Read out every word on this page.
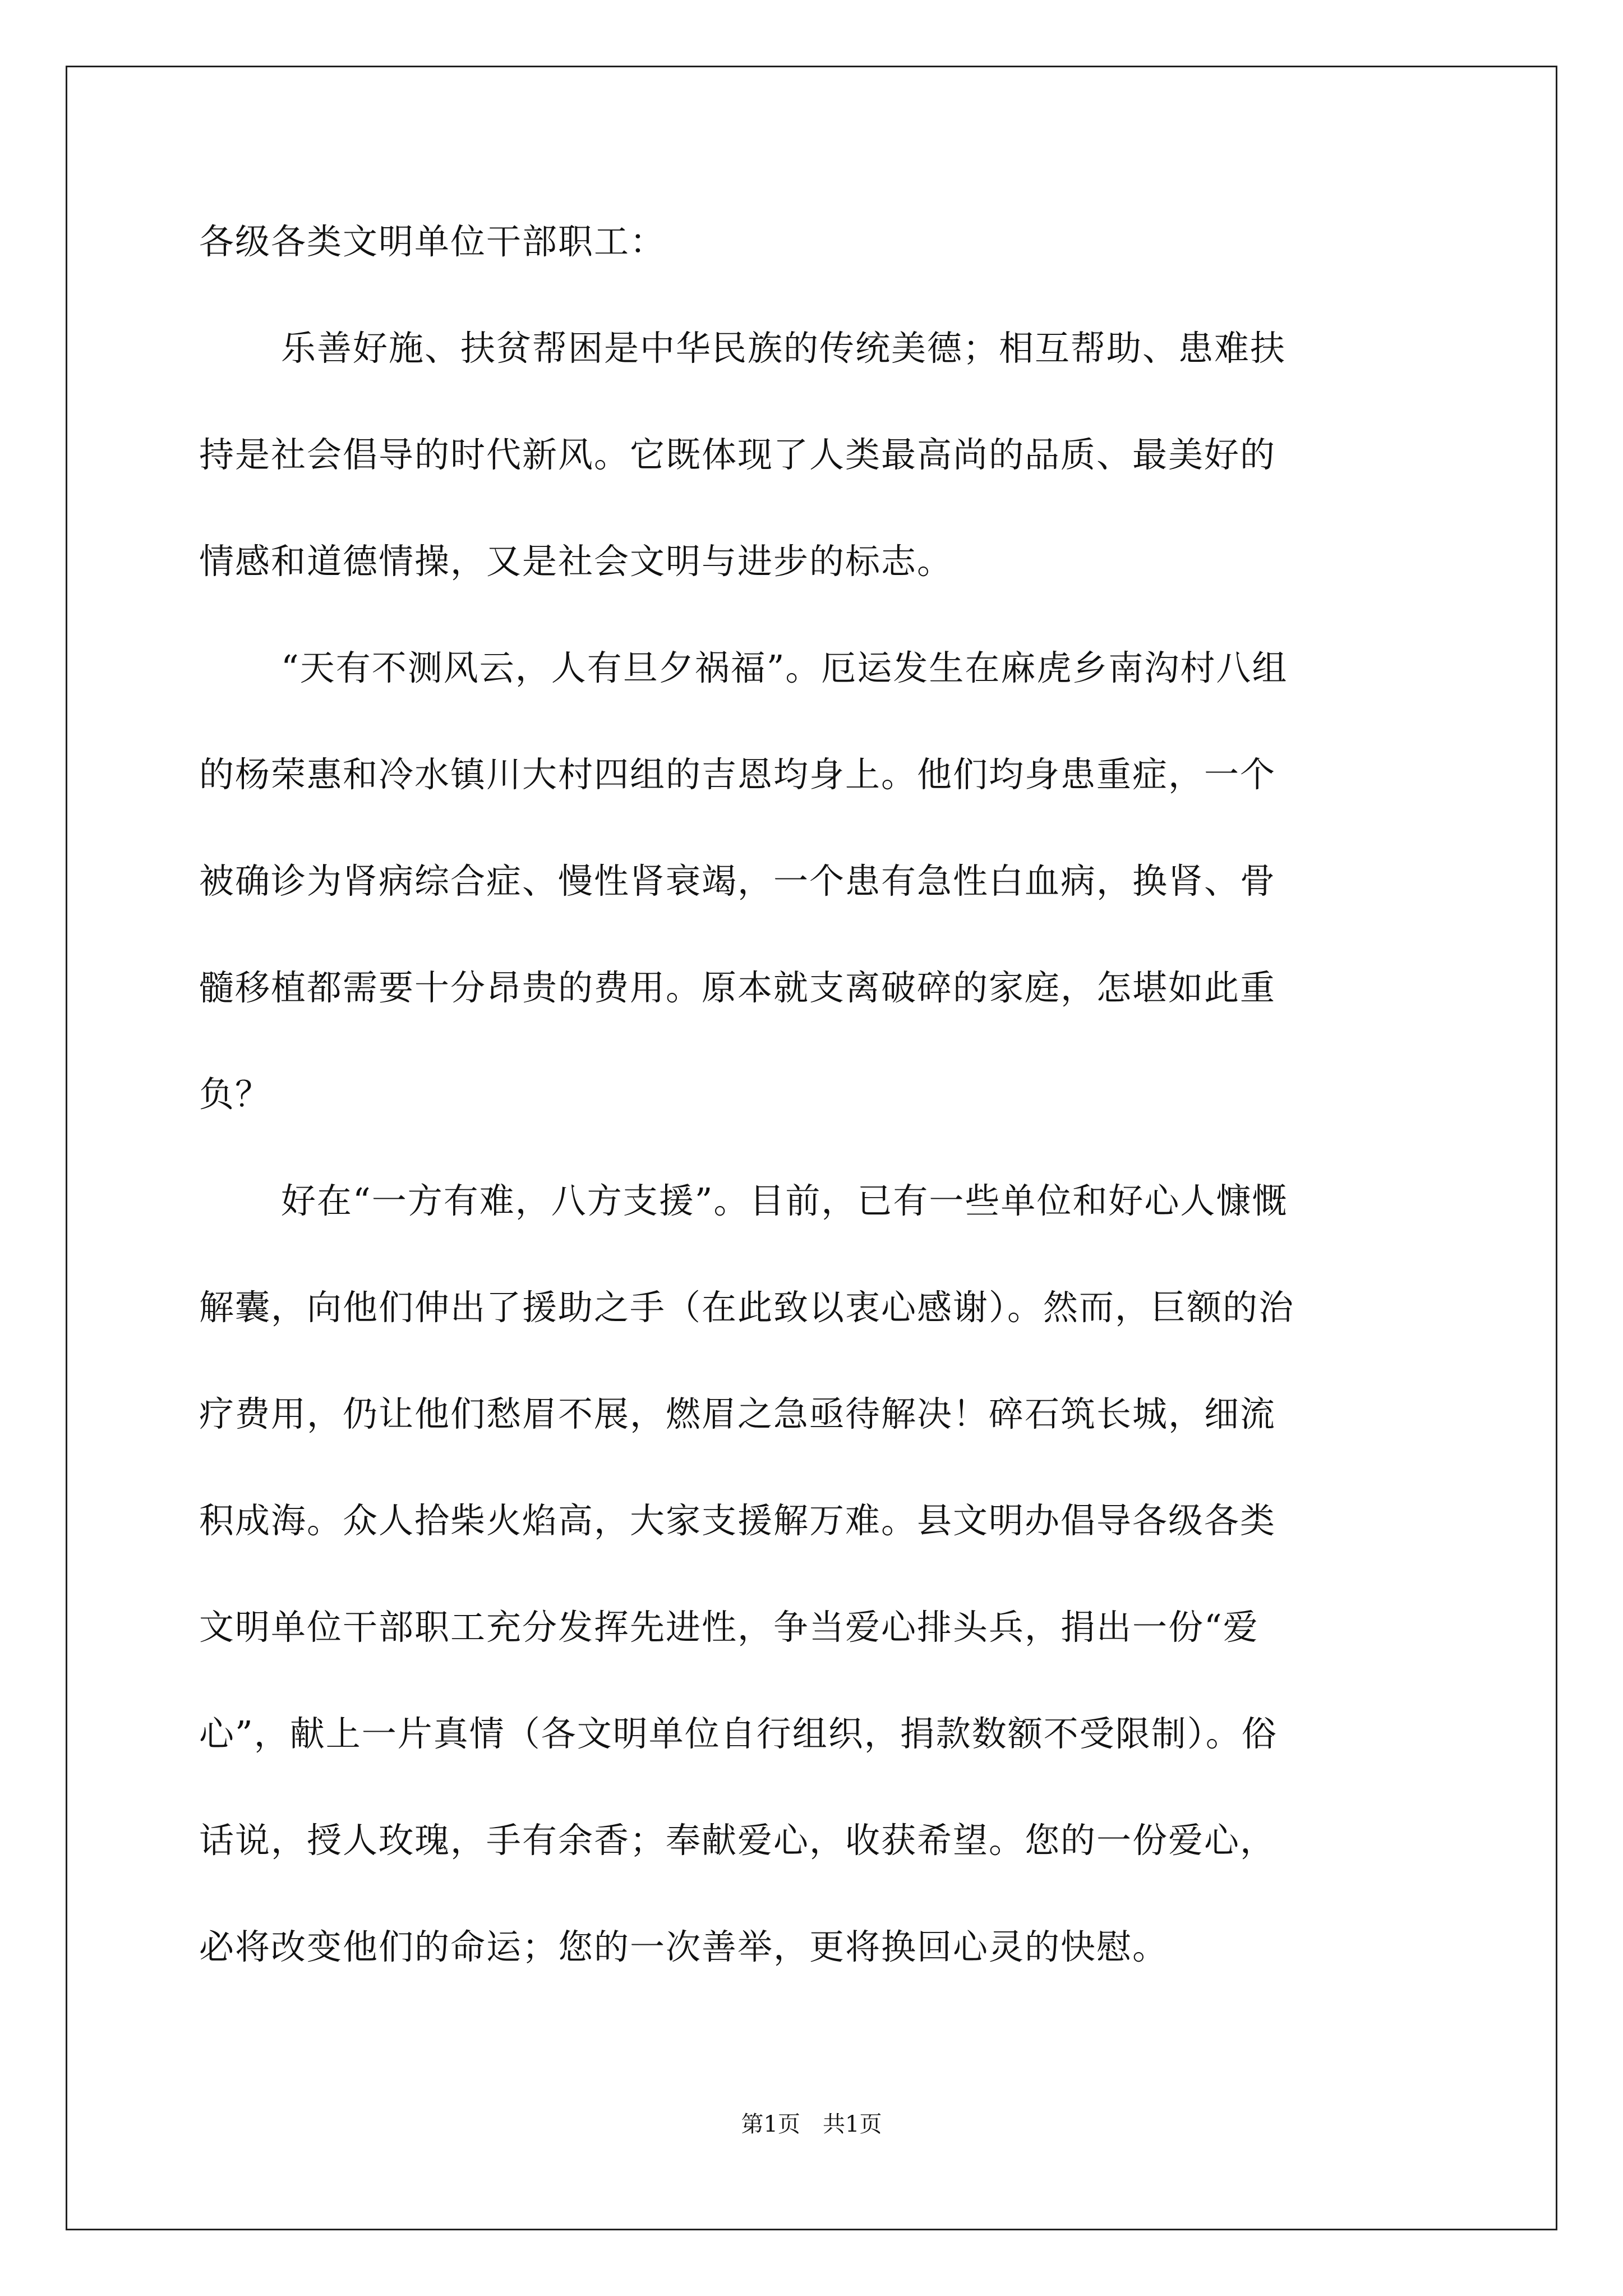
各级各类文明单位干部职工：
乐善好施、扶贫帮困是中华民族的传统美德；相互帮助、患难扶
持是社会倡导的时代新风。它既体现了人类最高尚的品质、最美好的
情感和道德情操，又是社会文明与进步的标志。
“天有不测风云，人有旦夕祸福”。厄运发生在麻虎乡南沟村八组
的杨荣惠和冷水镇川大村四组的吉恩均身上。他们均身患重症，一个
被确诊为肾病综合症、慢性肾衰竭，一个患有急性白血病，换肾、骨
髓移植都需要十分昂贵的费用。原本就支离破碎的家庭，怎堪如此重
负？
好在“一方有难，八方支援”。目前，已有一些单位和好心人慷慨
解囊，向他们伸出了援助之手（在此致以衷心感谢）。然而，巨额的治
疗费用，仍让他们愁眉不展，燃眉之急亟待解决！碎石筑长城，细流
积成海。众人拾柴火焰高，大家支援解万难。县文明办倡导各级各类
文明单位干部职工充分发挥先进性，争当爱心排头兵，捐出一份“爱
心”，献上一片真情（各文明单位自行组织，捐款数额不受限制）。俗
话说，授人玫瑰，手有余香；奉献爱心，收获希望。您的一份爱心，
必将改变他们的命运；您的一次善举，更将换回心灵的快慰。
第1页　共1页
